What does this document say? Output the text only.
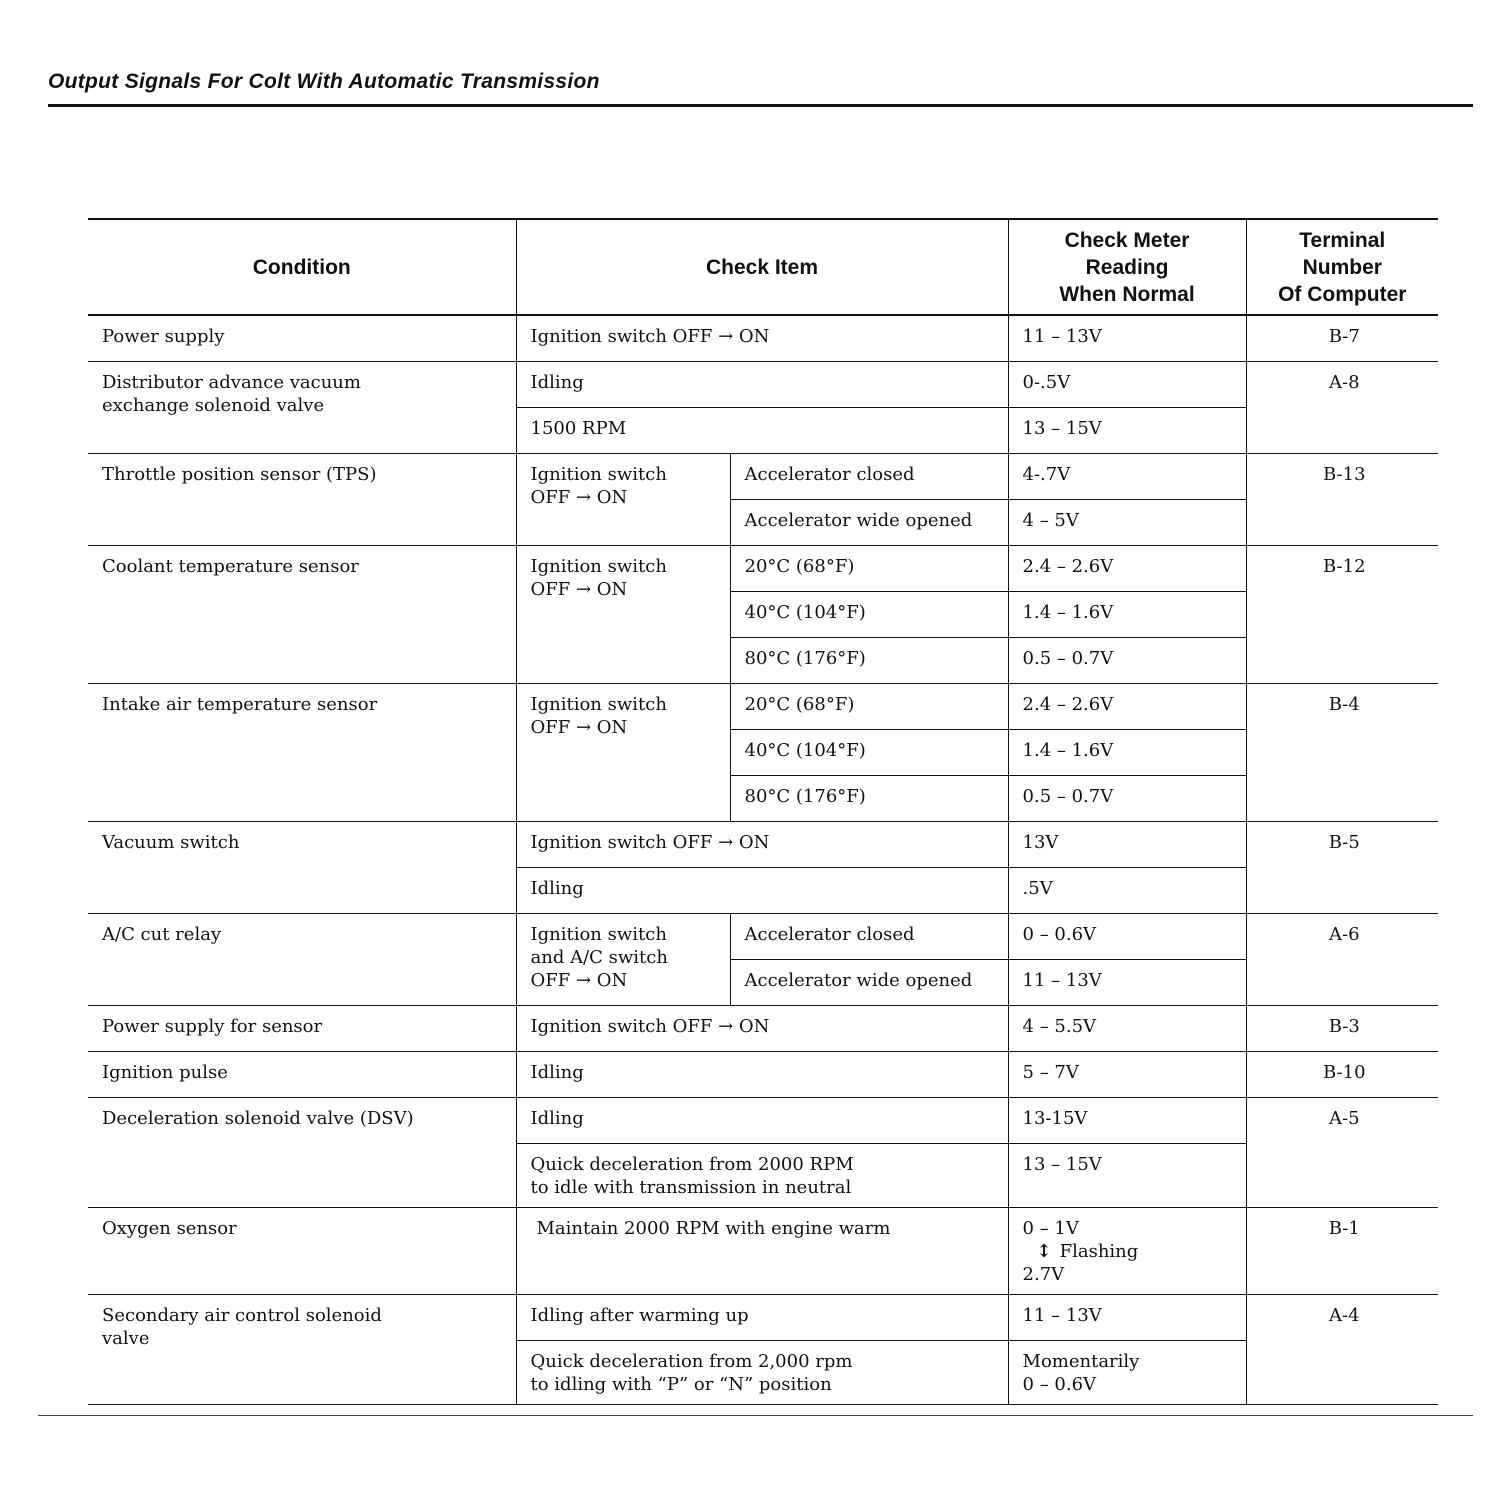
Output Signals For Colt With Automatic Transmission
Condition	Check Item		Check Meter
Reading
When Normal	Terminal
Number
Of Computer
Power supply	Ignition switch OFF → ON		11 – 13V	B-7
Distributor advance vacuum
exchange solenoid valve	Idling		0-.5V	A-8
	1500 RPM		13 – 15V	
Throttle position sensor (TPS)	Ignition switch
OFF → ON	Accelerator closed	4-.7V	B-13
		Accelerator wide opened	4 – 5V	
Coolant temperature sensor	Ignition switch
OFF → ON	20°C (68°F)	2.4 – 2.6V	B-12
		40°C (104°F)	1.4 – 1.6V	
		80°C (176°F)	0.5 – 0.7V	
Intake air temperature sensor	Ignition switch
OFF → ON	20°C (68°F)	2.4 – 2.6V	B-4
		40°C (104°F)	1.4 – 1.6V	
		80°C (176°F)	0.5 – 0.7V	
Vacuum switch	Ignition switch OFF → ON		13V	B-5
	Idling		.5V	
A/C cut relay	Ignition switch
and A/C switch
OFF → ON	Accelerator closed	0 – 0.6V	A-6
		Accelerator wide opened	11 – 13V	
Power supply for sensor	Ignition switch OFF → ON		4 – 5.5V	B-3
Ignition pulse	Idling		5 – 7V	B-10
Deceleration solenoid valve (DSV)	Idling		13-15V	A-5
	Quick deceleration from 2000 RPM
to idle with transmission in neutral		13 – 15V	
Oxygen sensor	Maintain 2000 RPM with engine warm		0 – 1V
↕ Flashing
2.7V	B-1
Secondary air control solenoid
valve	Idling after warming up		11 – 13V	A-4
	Quick deceleration from 2,000 rpm
to idling with “P” or “N” position		Momentarily
0 – 0.6V	
